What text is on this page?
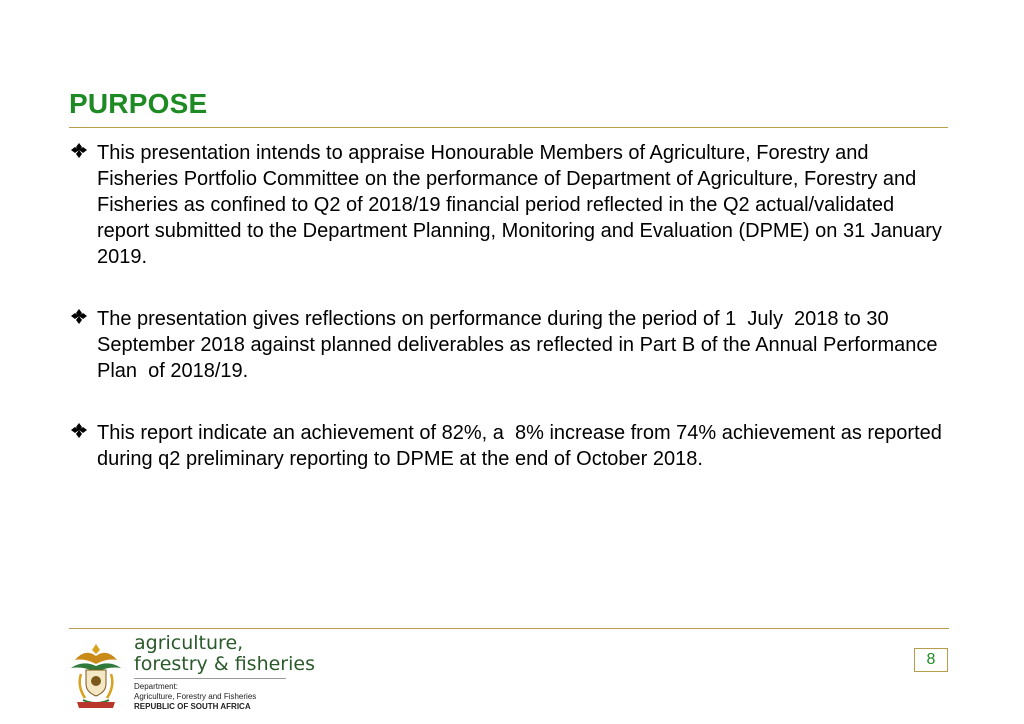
PURPOSE
This presentation intends to appraise Honourable Members of Agriculture, Forestry and Fisheries Portfolio Committee on the performance of Department of Agriculture, Forestry and Fisheries as confined to Q2 of 2018/19 financial period reflected in the Q2 actual/validated report submitted to the Department Planning, Monitoring and Evaluation (DPME) on 31 January 2019.
The presentation gives reflections on performance during the period of 1  July  2018 to 30 September 2018 against planned deliverables as reflected in Part B of the Annual Performance Plan  of 2018/19.
This report indicate an achievement of 82%, a  8% increase from 74% achievement as reported during q2 preliminary reporting to DPME at the end of October 2018.
agriculture,
forestry & fisheries
Department:
Agriculture, Forestry and Fisheries
REPUBLIC OF SOUTH AFRICA
8
